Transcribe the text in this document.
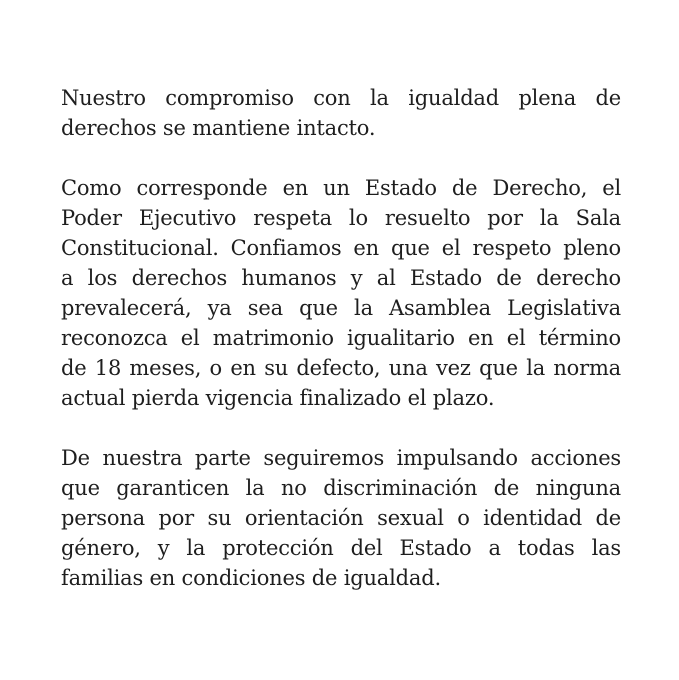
Nuestro compromiso con la igualdad plena de
derechos se mantiene intacto.

Como corresponde en un Estado de Derecho, el
Poder Ejecutivo respeta lo resuelto por la Sala
Constitucional. Confiamos en que el respeto pleno
a los derechos humanos y al Estado de derecho
prevalecerá, ya sea que la Asamblea Legislativa
reconozca el matrimonio igualitario en el término
de 18 meses, o en su defecto, una vez que la norma
actual pierda vigencia finalizado el plazo.

De nuestra parte seguiremos impulsando acciones
que garanticen la no discriminación de ninguna
persona por su orientación sexual o identidad de
género, y la protección del Estado a todas las
familias en condiciones de igualdad.
